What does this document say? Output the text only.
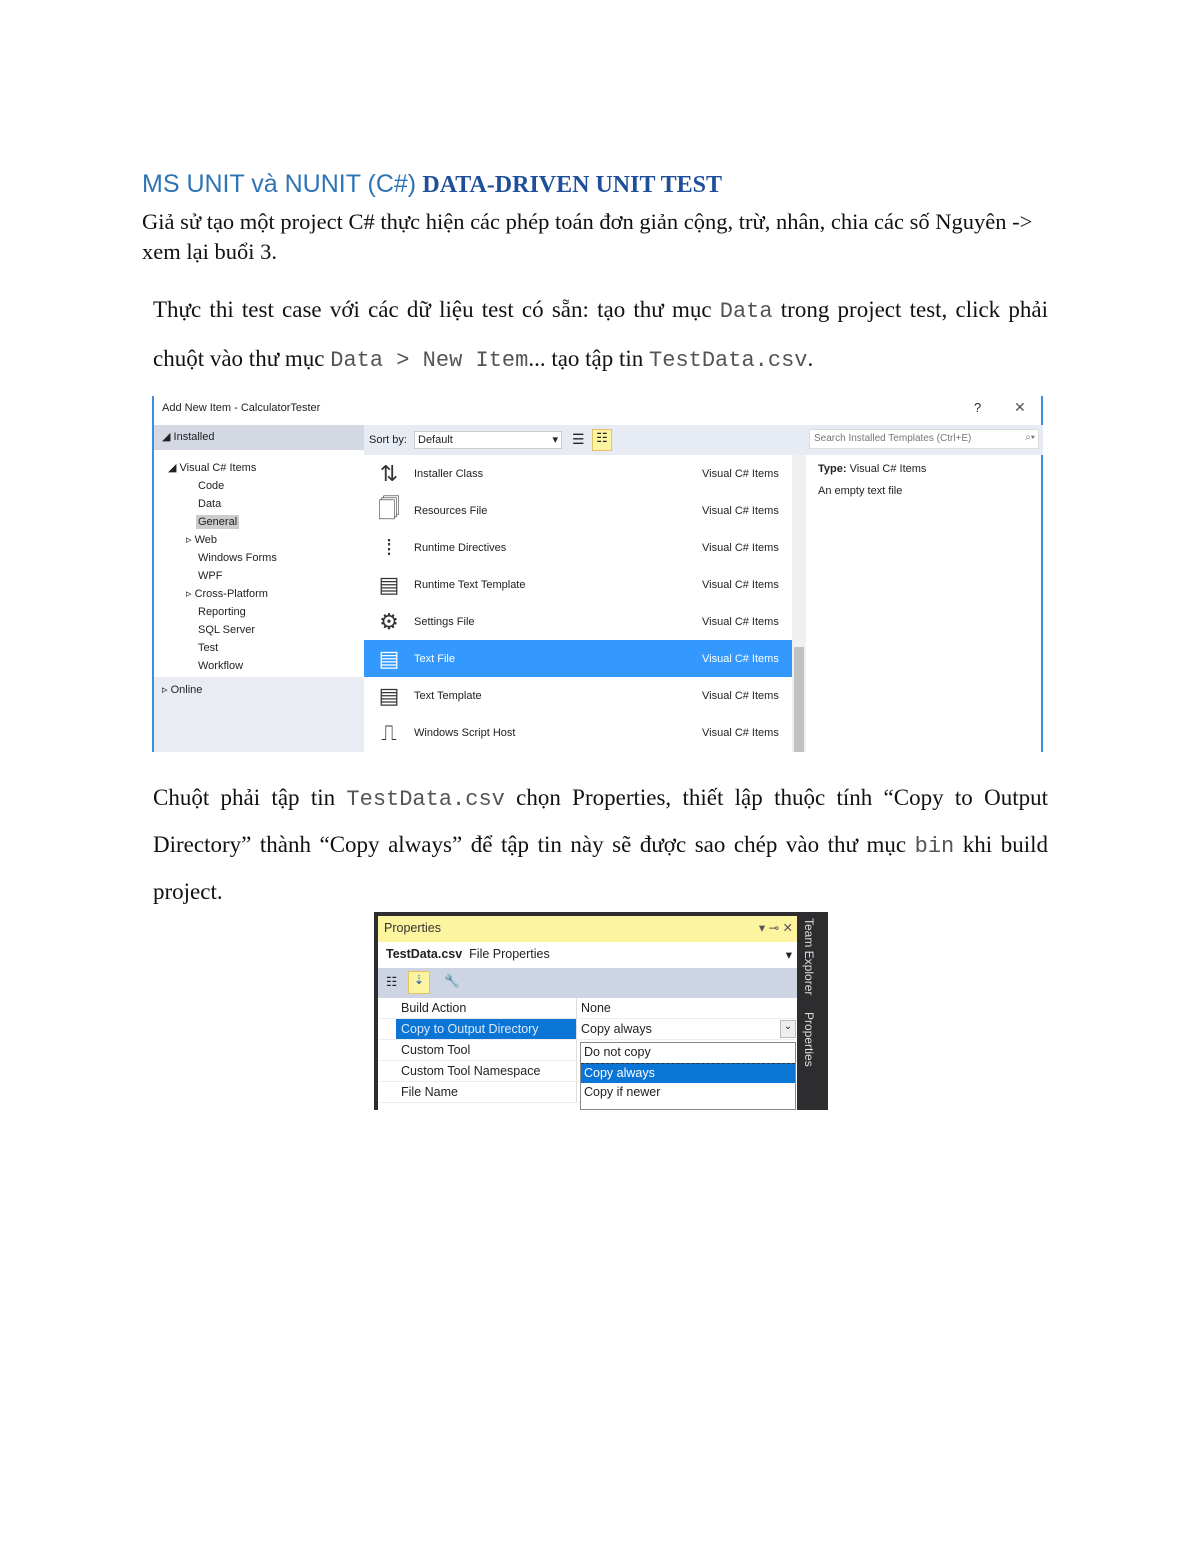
MS UNIT và NUNIT (C#) DATA-DRIVEN UNIT TEST

Giả sử tạo một project C# thực hiện các phép toán đơn giản cộng, trừ, nhân, chia các số Nguyên -> xem lại buổi 3.

Thực thi test case với các dữ liệu test có sẵn: tạo thư mục Data trong project test, click phải chuột vào thư mục Data > New Item... tạo tập tin TestData.csv.

Add New Item - CalculatorTester	? ✕
◢ Installed
◢ Visual C# Items
Code
Data
General
▹ Web
Windows Forms
WPF
▹ Cross-Platform
Reporting
SQL Server
Test
Workflow
▹ Online
Sort by:	Default	▾ ☰ ☷
⇅	Installer Class	Visual C# Items
🗍	Resources File	Visual C# Items
⁞	Runtime Directives	Visual C# Items
▤	Runtime Text Template	Visual C# Items
⚙	Settings File	Visual C# Items
▤	Text File	Visual C# Items
▤	Text Template	Visual C# Items
⎍	Windows Script Host	Visual C# Items
Search Installed Templates (Ctrl+E)	⌕▾
Type: Visual C# Items
An empty text file

Chuột phải tập tin TestData.csv chọn Properties, thiết lập thuộc tính “Copy to Output Directory” thành “Copy always” để tập tin này sẽ được sao chép vào thư mục bin khi build project.

Properties	▾ ⊸ ✕
TestData.csv File Properties	▾
☷	⇣	🔧
Build Action	None
Copy to Output Directory	Copy always	⌄
Custom Tool
Custom Tool Namespace
File Name
Do not copy
Copy always
Copy if newer
Team Explorer
Properties
